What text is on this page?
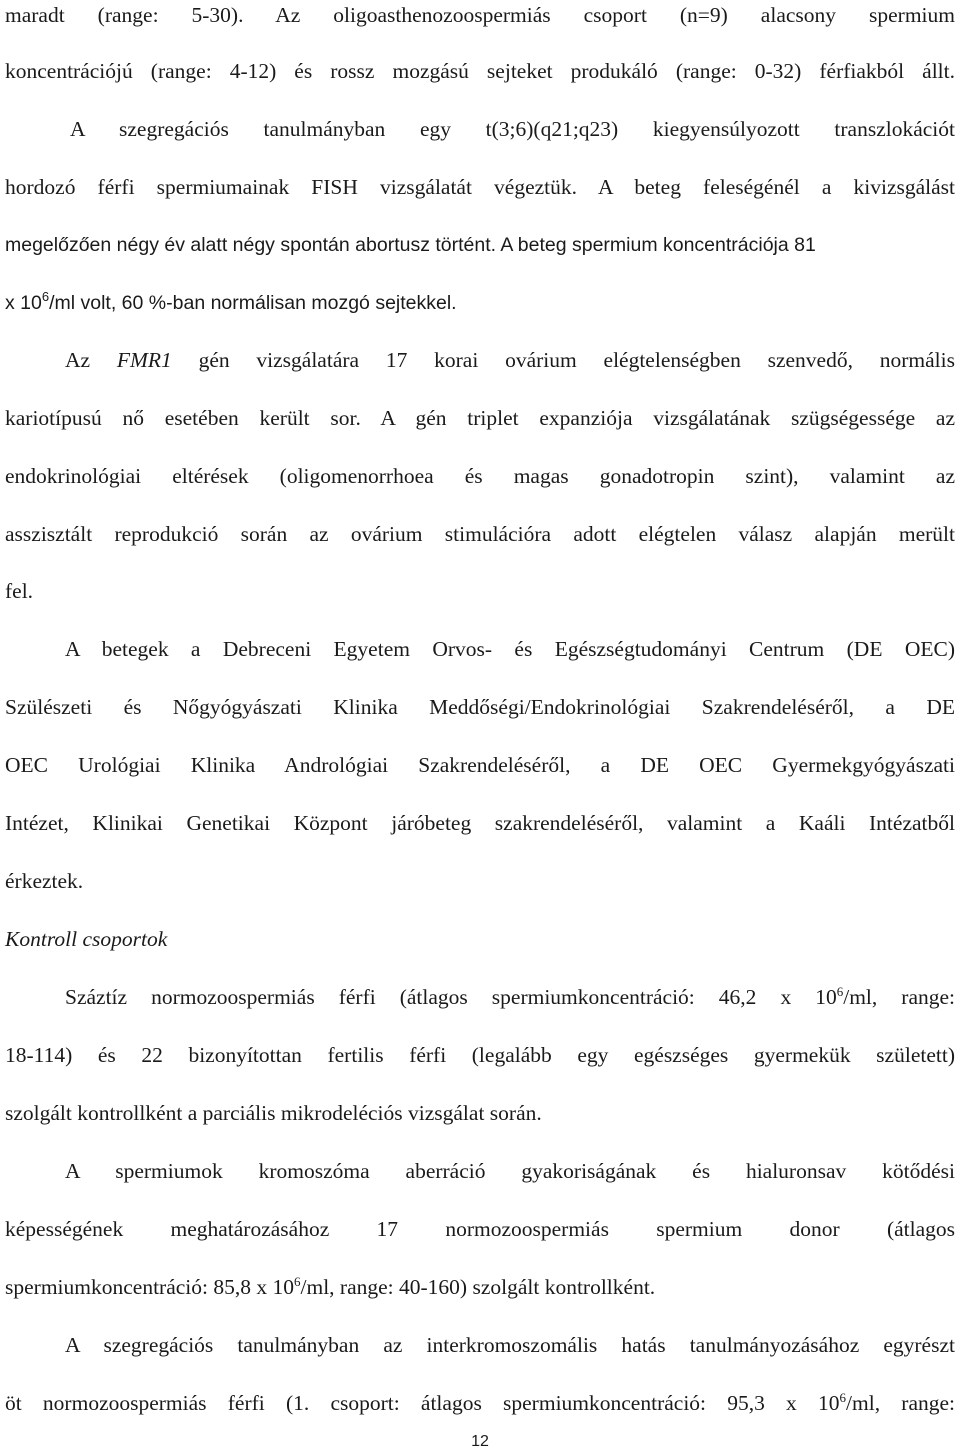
maradt (range: 5-30). Az oligoasthenozoospermiás csoport (n=9) alacsony spermium
koncentrációjú (range: 4-12) és rossz mozgású sejteket produkáló (range: 0-32) férfiakból állt.
A szegregációs tanulmányban egy t(3;6)(q21;q23) kiegyensúlyozott transzlokációt
hordozó férfi spermiumainak FISH vizsgálatát végeztük. A beteg feleségénél a kivizsgálást
megelőzően négy év alatt négy spontán abortusz történt. A beteg spermium koncentrációja 81
x $10^6/ml$ volt, 60 %-ban normálisan mozgó sejtekkel.
Az FMR1 gén vizsgálatára 17 korai ovárium elégtelenségben szenvedő, normális
kariotípusú nő esetében került sor. A gén triplet expanziója vizsgálatának szügségessége az
endokrinológiai eltérések (oligomenorrhoea és magas gonadotropin szint), valamint az
asszisztált reprodukció során az ovárium stimulációra adott elégtelen válasz alapján merült
fel.
A betegek a Debreceni Egyetem Orvos- és Egészségtudományi Centrum (DE OEC)
Szülészeti és Nőgyógyászati Klinika Meddőségi/Endokrinológiai Szakrendeléséről, a DE
OEC Urológiai Klinika Andrológiai Szakrendeléséről, a DE OEC Gyermekgyógyászati
Intézet, Klinikai Genetikai Központ járóbeteg szakrendeléséről, valamint a Kaáli Intézatből
érkeztek.
Kontroll csoportok
Száztíz normozoospermiás férfi (átlagos spermiumkoncentráció: 46,2 x $10^6/ml$, range:
18-114) és 22 bizonyítottan fertilis férfi (legalább egy egészséges gyermekük született)
szolgált kontrollként a parciális mikrodeléciós vizsgálat során.
A spermiumok kromoszóma aberráció gyakoriságának és hialuronsav kötődési
képességének meghatározásához 17 normozoospermiás spermium donor (átlagos
spermiumkoncentráció: 85,8 x $10^6/ml$, range: 40-160) szolgált kontrollként.
A szegregációs tanulmányban az interkromoszomális hatás tanulmányozásához egyrészt
öt normozoospermiás férfi (1. csoport: átlagos spermiumkoncentráció: 95,3 x $10^6/ml$, range:
12
